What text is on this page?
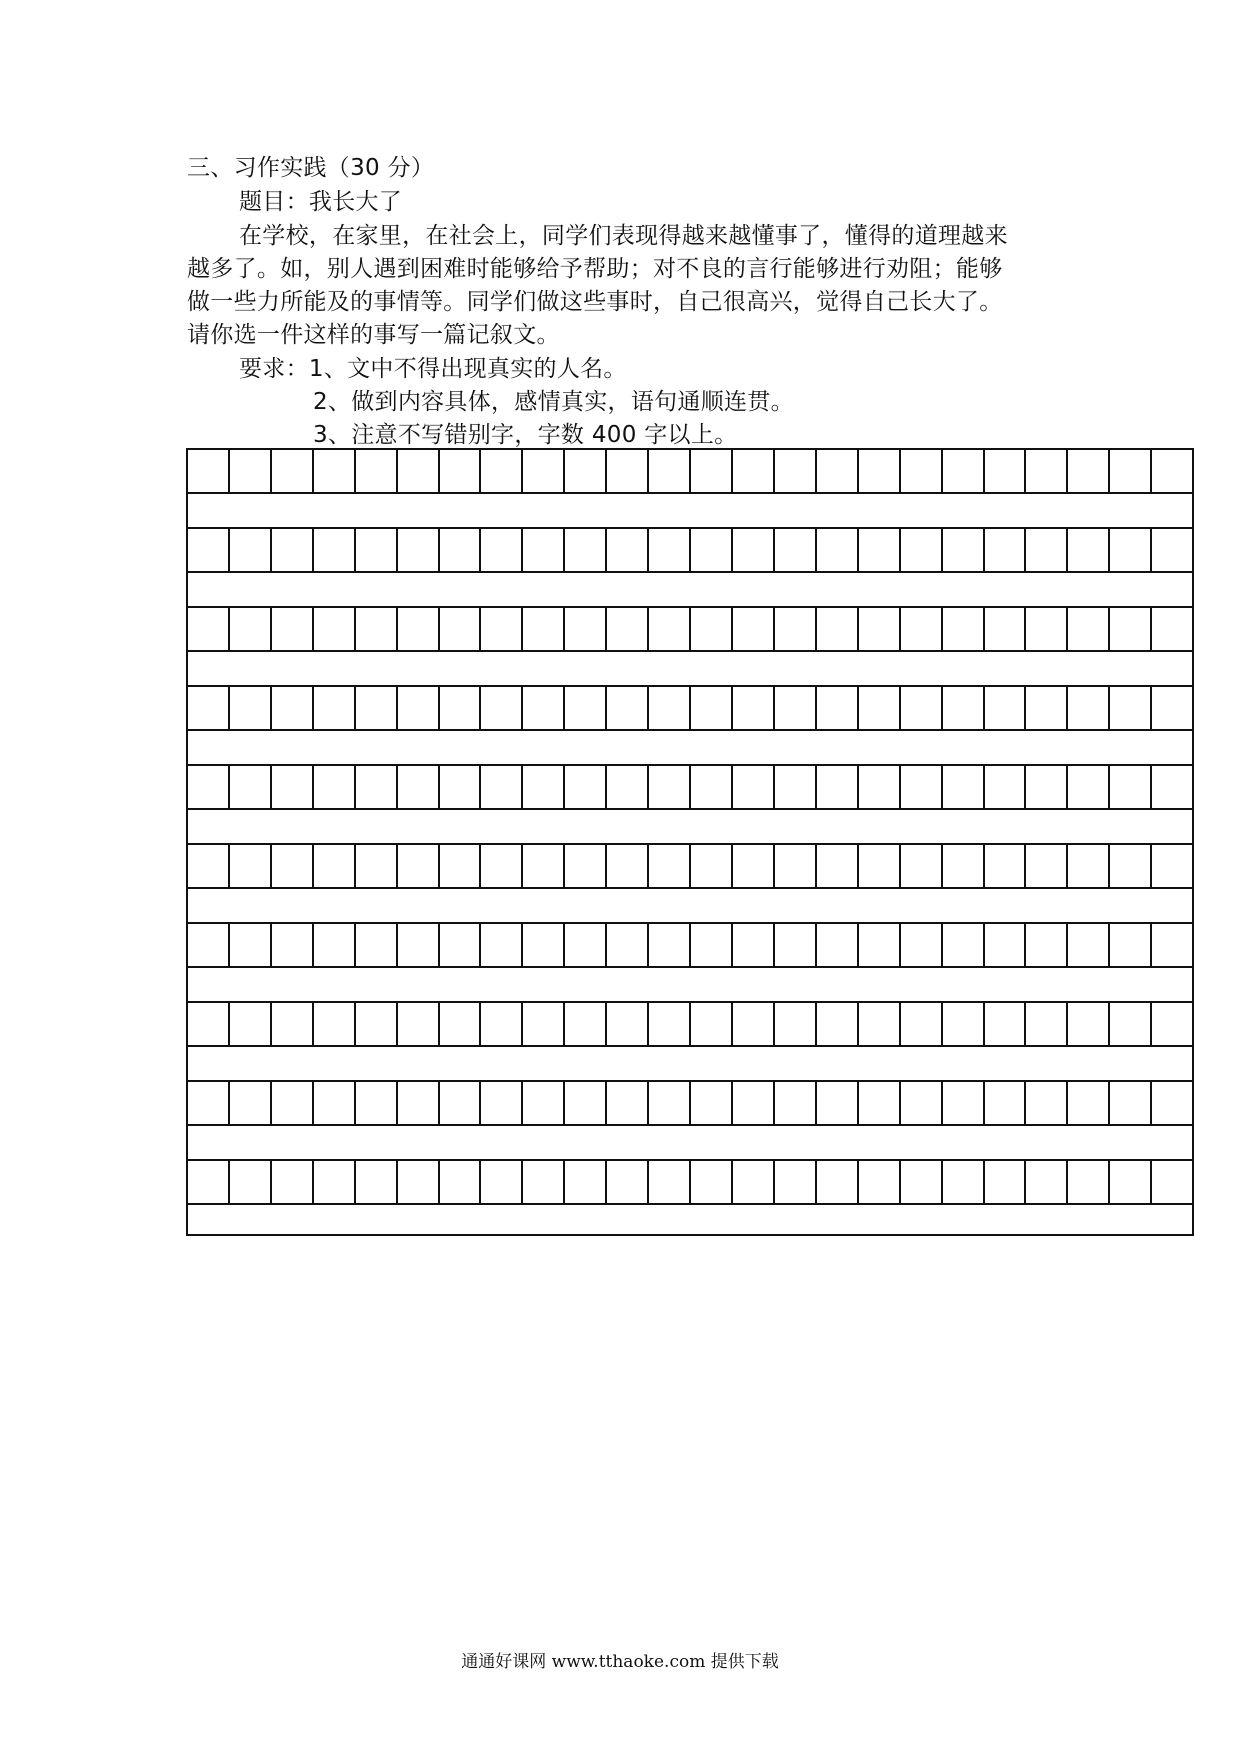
三、习作实践（30 分）
题目：我长大了
在学校，在家里，在社会上，同学们表现得越来越懂事了，懂得的道理越来
越多了。如，别人遇到困难时能够给予帮助；对不良的言行能够进行劝阻；能够
做一些力所能及的事情等。同学们做这些事时，自己很高兴，觉得自己长大了。
请你选一件这样的事写一篇记叙文。
要求：1、文中不得出现真实的人名。
2、做到内容具体，感情真实，语句通顺连贯。
3、注意不写错别字，字数 400 字以上。
通通好课网 www.tthaoke.com 提供下载
